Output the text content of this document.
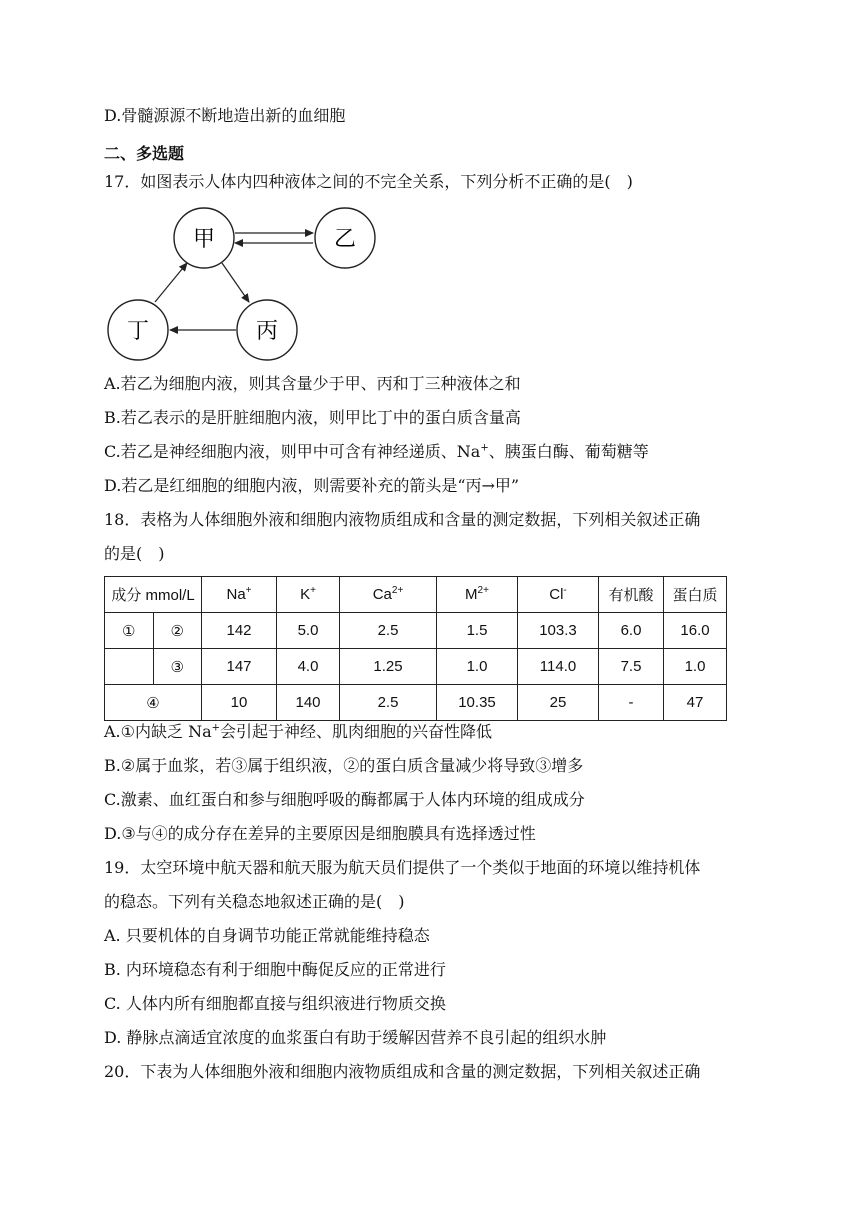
D.骨髓源源不断地造出新的血细胞
二、多选题
17．如图表示人体内四种液体之间的不完全关系，下列分析不正确的是(　)
甲	乙
丙
丁
A.若乙为细胞内液，则其含量少于甲、丙和丁三种液体之和
B.若乙表示的是肝脏细胞内液，则甲比丁中的蛋白质含量高
C.若乙是神经细胞内液，则甲中可含有神经递质、Na+、胰蛋白酶、葡萄糖等
D.若乙是红细胞的细胞内液，则需要补充的箭头是“丙→甲”
18．表格为人体细胞外液和细胞内液物质组成和含量的测定数据，下列相关叙述正确
的是(　)
成分 mmol/L		Na+	K+	$Ca^{2+}$	$M^{2+}$	Cl-	有机酸	蛋白质
①	②	142	5.0	2.5	1.5	103.3	6.0	16.0
	③	147	4.0	1.25	1.0	114.0	7.5	1.0
④		10	140	2.5	10.35	25	-	47
A.①内缺乏 Na+会引起于神经、肌肉细胞的兴奋性降低
B.②属于血浆，若③属于组织液，②的蛋白质含量减少将导致③增多
C.激素、血红蛋白和参与细胞呼吸的酶都属于人体内环境的组成成分
D.③与④的成分存在差异的主要原因是细胞膜具有选择透过性
19．太空环境中航天器和航天服为航天员们提供了一个类似于地面的环境以维持机体
的稳态。下列有关稳态地叙述正确的是(　)
A. 只要机体的自身调节功能正常就能维持稳态
B. 内环境稳态有利于细胞中酶促反应的正常进行
C. 人体内所有细胞都直接与组织液进行物质交换
D. 静脉点滴适宜浓度的血浆蛋白有助于缓解因营养不良引起的组织水肿
20．下表为人体细胞外液和细胞内液物质组成和含量的测定数据，下列相关叙述正确
